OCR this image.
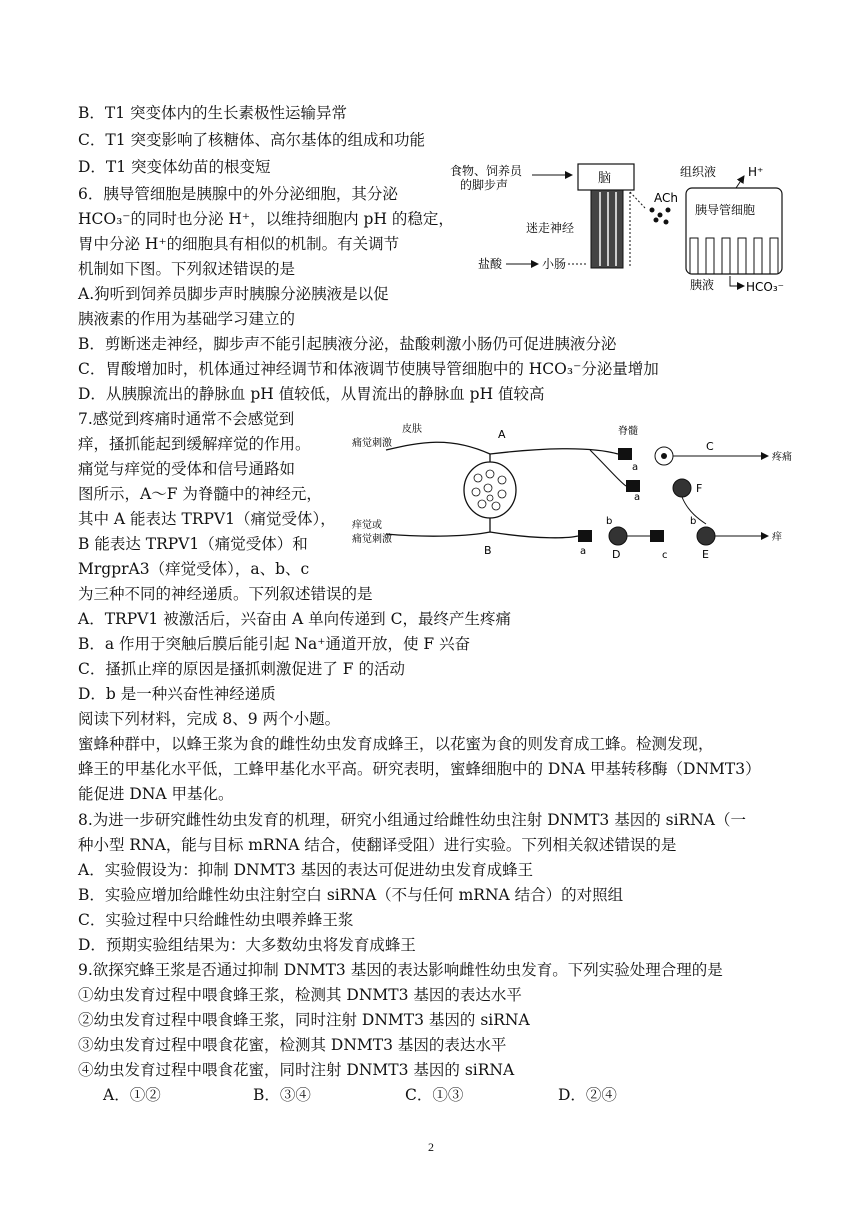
B．T1 突变体内的生长素极性运输异常
C．T1 突变影响了核糖体、高尔基体的组成和功能
D．T1 突变体幼苗的根变短
6．胰导管细胞是胰腺中的外分泌细胞，其分泌
HCO₃⁻的同时也分泌 H⁺，以维持细胞内 pH 的稳定，
胃中分泌 H⁺的细胞具有相似的机制。有关调节
机制如下图。下列叙述错误的是
A.狗听到饲养员脚步声时胰腺分泌胰液是以促
胰液素的作用为基础学习建立的
B．剪断迷走神经，脚步声不能引起胰液分泌，盐酸刺激小肠仍可促进胰液分泌
C．胃酸增加时，机体通过神经调节和体液调节使胰导管细胞中的 HCO₃⁻分泌量增加
D．从胰腺流出的静脉血 pH 值较低，从胃流出的静脉血 pH 值较高
7.感觉到疼痛时通常不会感觉到
痒，搔抓能起到缓解痒觉的作用。
痛觉与痒觉的受体和信号通路如
图所示，A～F 为脊髓中的神经元，
其中 A 能表达 TRPV1（痛觉受体），
B 能表达 TRPV1（痛觉受体）和
MrgprA3（痒觉受体），a、b、c
为三种不同的神经递质。下列叙述错误的是
A．TRPV1 被激活后，兴奋由 A 单向传递到 C，最终产生疼痛
B．a 作用于突触后膜后能引起 Na⁺通道开放，使 F 兴奋
C．搔抓止痒的原因是搔抓刺激促进了 F 的活动
D．b 是一种兴奋性神经递质
阅读下列材料，完成 8、9 两个小题。
蜜蜂种群中，以蜂王浆为食的雌性幼虫发育成蜂王，以花蜜为食的则发育成工蜂。检测发现，
蜂王的甲基化水平低，工蜂甲基化水平高。研究表明，蜜蜂细胞中的 DNA 甲基转移酶（DNMT3）
能促进 DNA 甲基化。
8.为进一步研究雌性幼虫发育的机理，研究小组通过给雌性幼虫注射 DNMT3 基因的 siRNA（一
种小型 RNA，能与目标 mRNA 结合，使翻译受阻）进行实验。下列相关叙述错误的是
A．实验假设为：抑制 DNMT3 基因的表达可促进幼虫发育成蜂王
B．实验应增加给雌性幼虫注射空白 siRNA（不与任何 mRNA 结合）的对照组
C．实验过程中只给雌性幼虫喂养蜂王浆
D．预期实验组结果为：大多数幼虫将发育成蜂王
9.欲探究蜂王浆是否通过抑制 DNMT3 基因的表达影响雌性幼虫发育。下列实验处理合理的是
①幼虫发育过程中喂食蜂王浆，检测其 DNMT3 基因的表达水平
②幼虫发育过程中喂食蜂王浆，同时注射 DNMT3 基因的 siRNA
③幼虫发育过程中喂食花蜜，检测其 DNMT3 基因的表达水平
④幼虫发育过程中喂食花蜜，同时注射 DNMT3 基因的 siRNA
A．①②	B．③④	C．①③	D．②④
食物、饲养员
的脚步声	脑
迷走神经
ACh
胰导管细胞
组织液	H⁺
盐酸	小肠
胰液	HCO₃⁻
皮肤	脊髓
痛觉刺激
痒觉或
痛觉刺激
A
a
C
疼痛
a
F
B	a D
b
c	E
b
痒
2
